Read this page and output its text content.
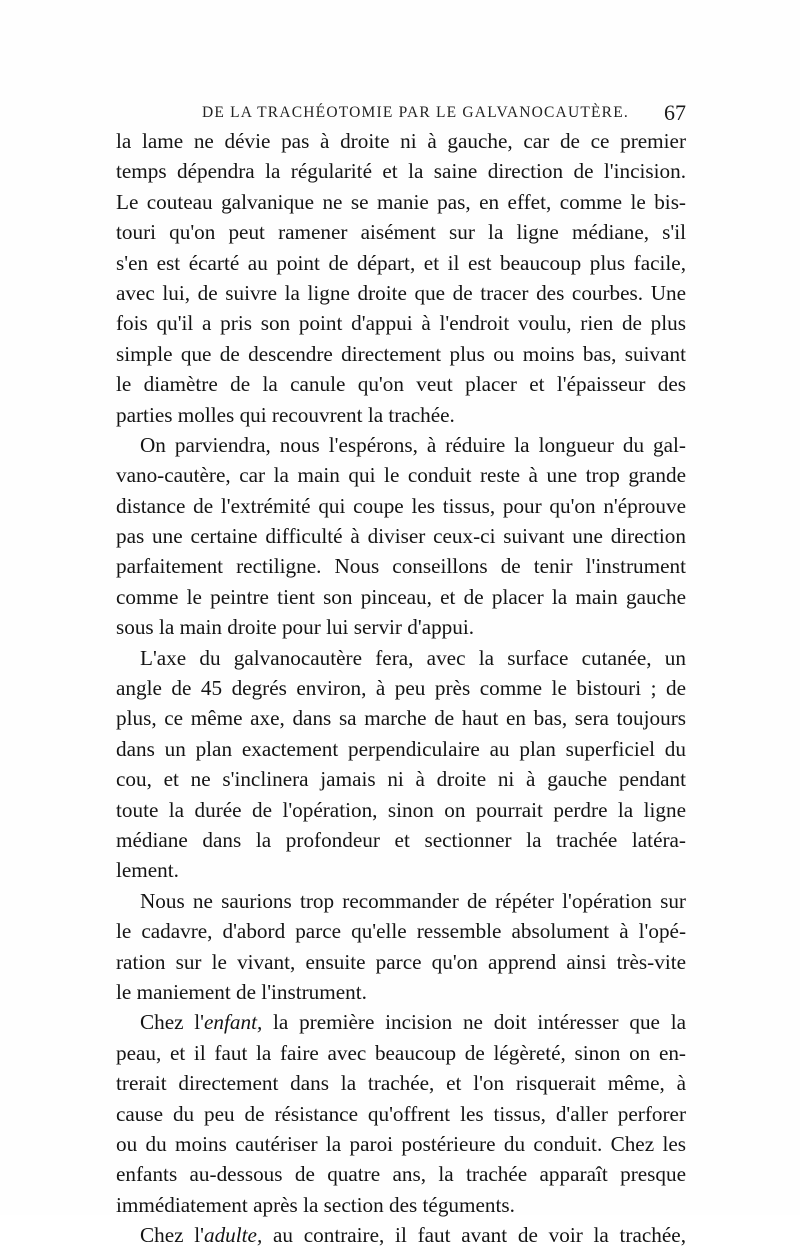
DE LA TRACHÉOTOMIE PAR LE GALVANOCAUTÈRE. 67
la lame ne dévie pas à droite ni à gauche, car de ce premier
temps dépendra la régularité et la saine direction de l'incision.
Le couteau galvanique ne se manie pas, en effet, comme le bis-
touri qu'on peut ramener aisément sur la ligne médiane, s'il
s'en est écarté au point de départ, et il est beaucoup plus facile,
avec lui, de suivre la ligne droite que de tracer des courbes. Une
fois qu'il a pris son point d'appui à l'endroit voulu, rien de plus
simple que de descendre directement plus ou moins bas, suivant
le diamètre de la canule qu'on veut placer et l'épaisseur des
parties molles qui recouvrent la trachée.
On parviendra, nous l'espérons, à réduire la longueur du gal-
vano-cautère, car la main qui le conduit reste à une trop grande
distance de l'extrémité qui coupe les tissus, pour qu'on n'éprouve
pas une certaine difficulté à diviser ceux-ci suivant une direction
parfaitement rectiligne. Nous conseillons de tenir l'instrument
comme le peintre tient son pinceau, et de placer la main gauche
sous la main droite pour lui servir d'appui.
L'axe du galvanocautère fera, avec la surface cutanée, un
angle de 45 degrés environ, à peu près comme le bistouri ; de
plus, ce même axe, dans sa marche de haut en bas, sera toujours
dans un plan exactement perpendiculaire au plan superficiel du
cou, et ne s'inclinera jamais ni à droite ni à gauche pendant
toute la durée de l'opération, sinon on pourrait perdre la ligne
médiane dans la profondeur et sectionner la trachée latéra-
lement.
Nous ne saurions trop recommander de répéter l'opération sur
le cadavre, d'abord parce qu'elle ressemble absolument à l'opé-
ration sur le vivant, ensuite parce qu'on apprend ainsi très-vite
le maniement de l'instrument.
Chez l'enfant, la première incision ne doit intéresser que la
peau, et il faut la faire avec beaucoup de légèreté, sinon on en-
trerait directement dans la trachée, et l'on risquerait même, à
cause du peu de résistance qu'offrent les tissus, d'aller perforer
ou du moins cautériser la paroi postérieure du conduit. Chez les
enfants au-dessous de quatre ans, la trachée apparaît presque
immédiatement après la section des téguments.
Chez l'adulte, au contraire, il faut avant de voir la trachée,
